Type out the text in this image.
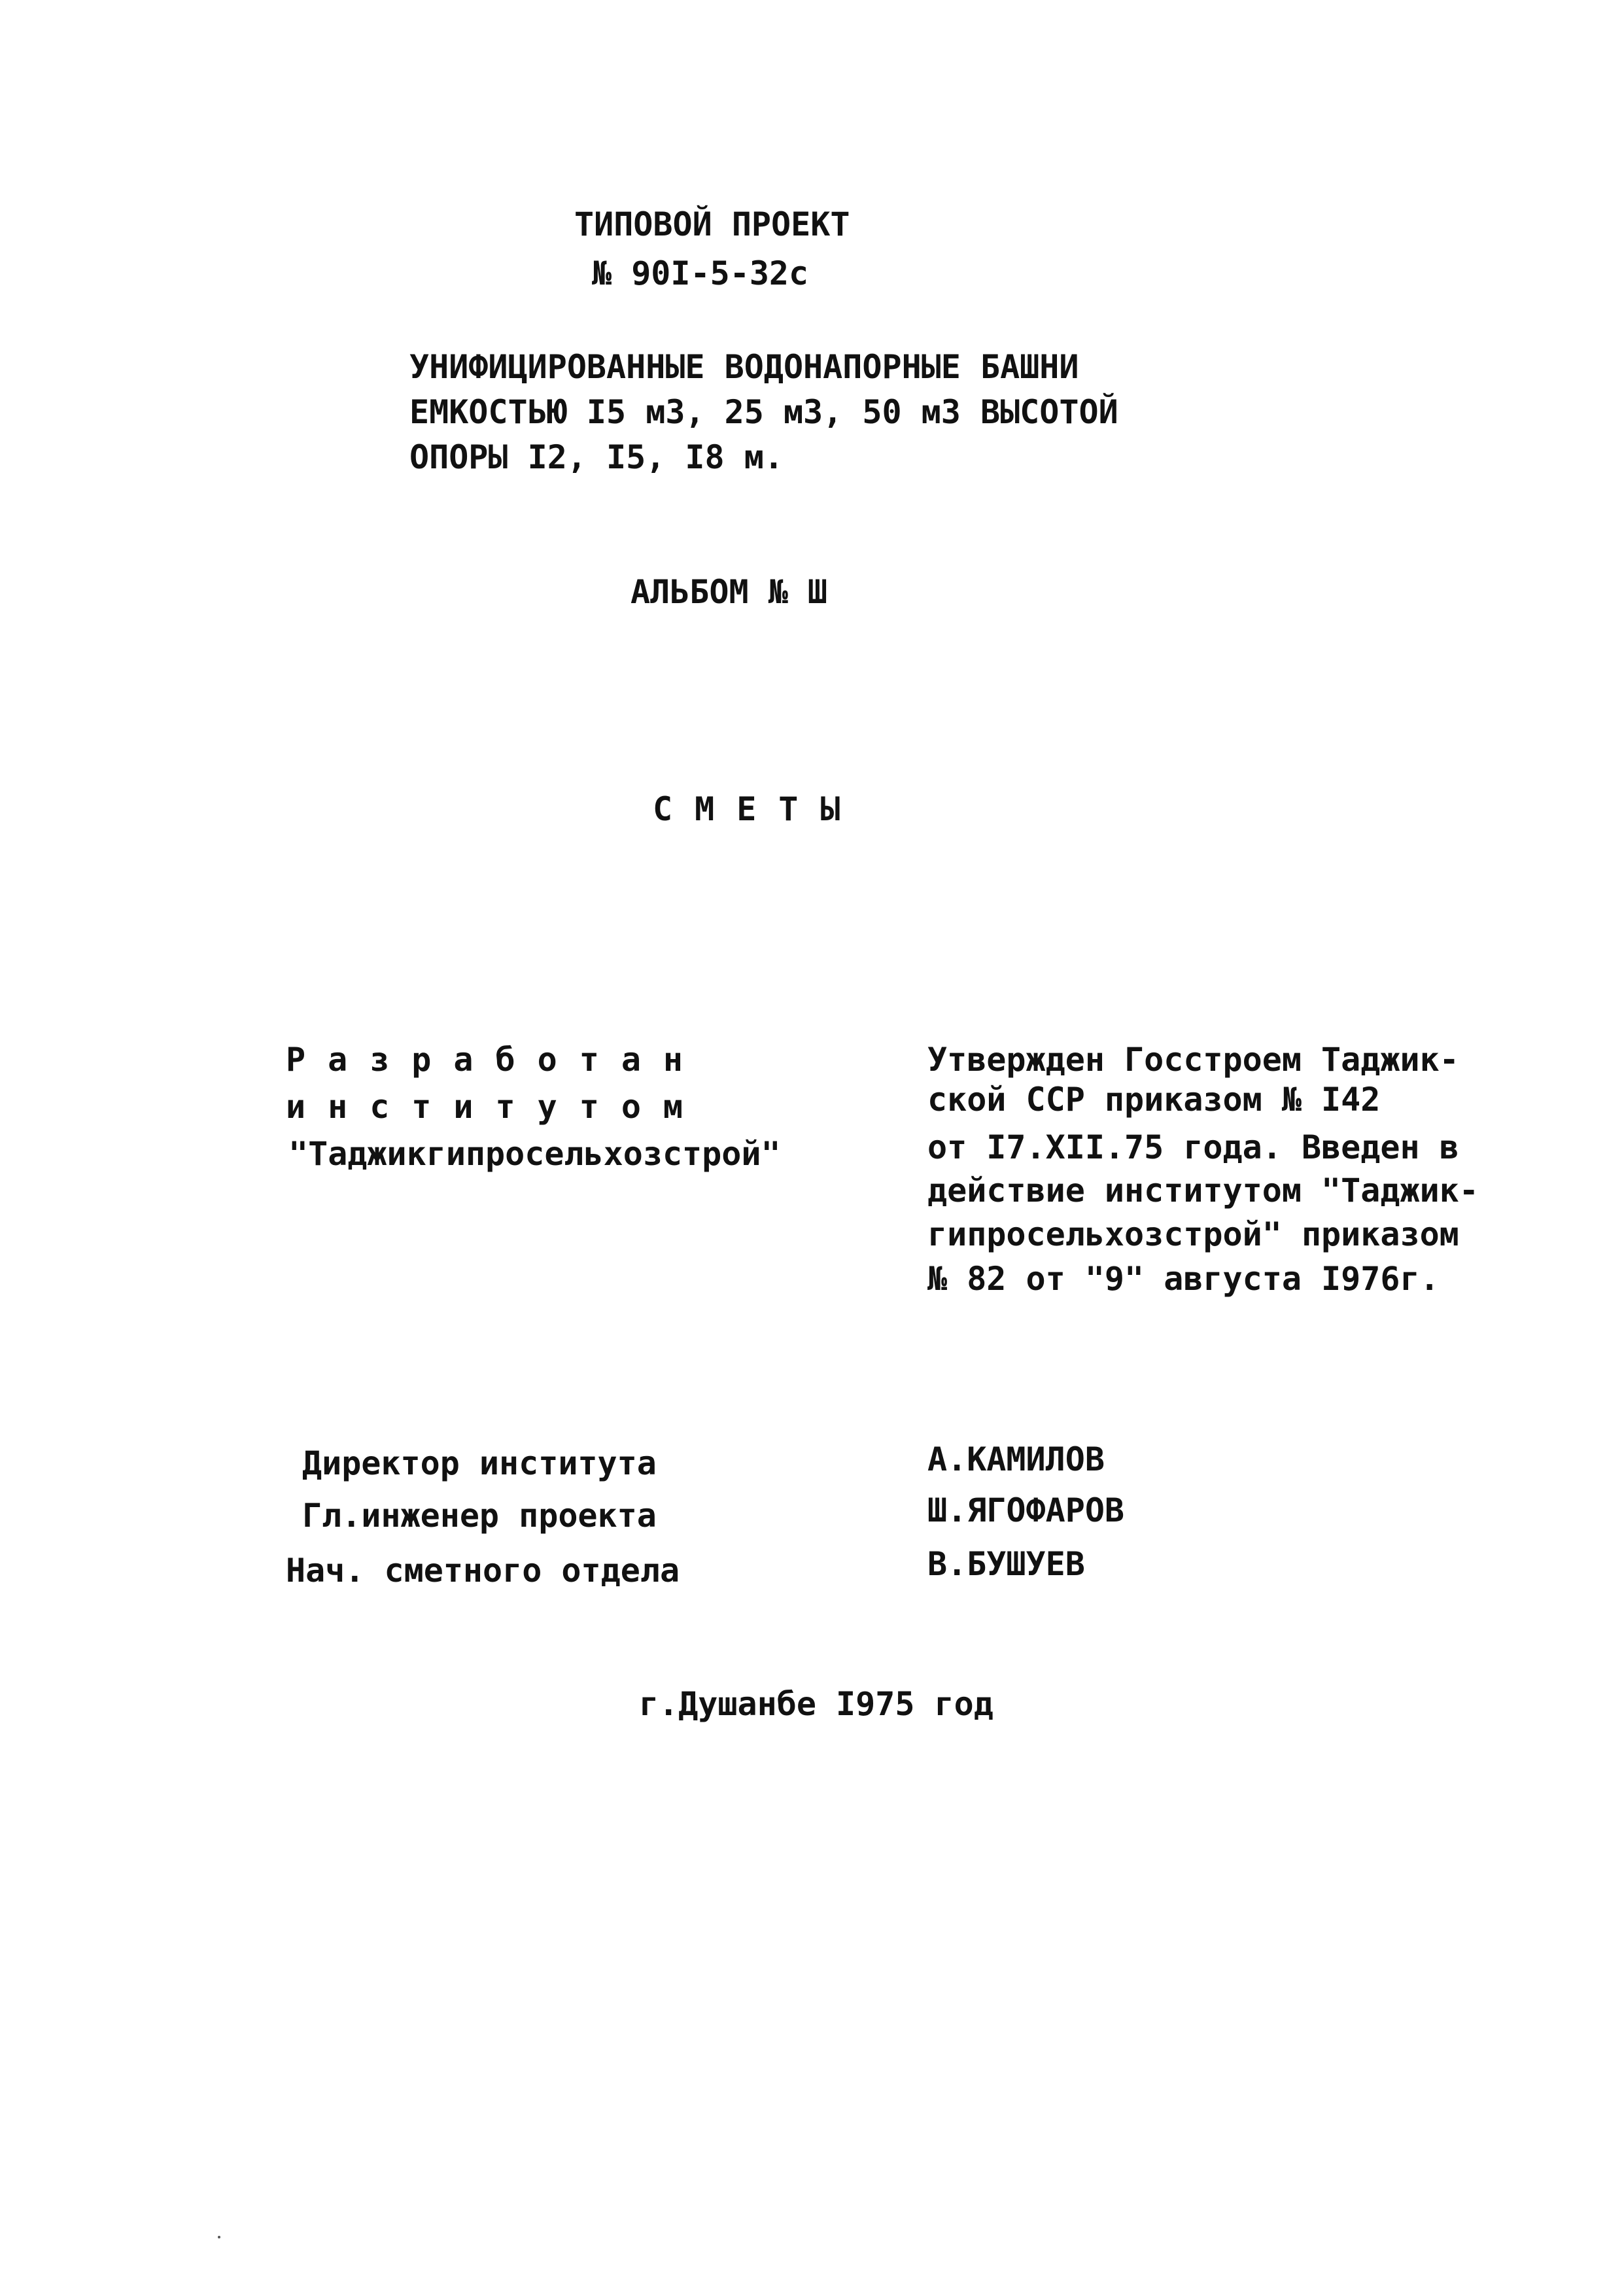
ТИПОВОЙ ПРОЕКТ
№ 90I-5-32с
УНИФИЦИРОВАННЫЕ ВОДОНАПОРНЫЕ БАШНИ
ЕМКОСТЬЮ I5 м3, 25 м3, 50 м3 ВЫСОТОЙ
ОПОРЫ I2, I5, I8 м.
АЛЬБОМ № Ш
СМЕТЫ
Разработан
институтом
"Таджикгипросельхозстрой"
Утвержден Госстроем Таджик-
ской ССР приказом № I42
от I7.XII.75 года. Введен в
действие институтом "Таджик-
гипросельхозстрой" приказом
№ 82 от "9" августа I976г.
Директор института	А.КАМИЛОВ
Гл.инженер проекта	Ш.ЯГОФАРОВ
Нач. сметного отдела	В.БУШУЕВ
г.Душанбе I975 год
